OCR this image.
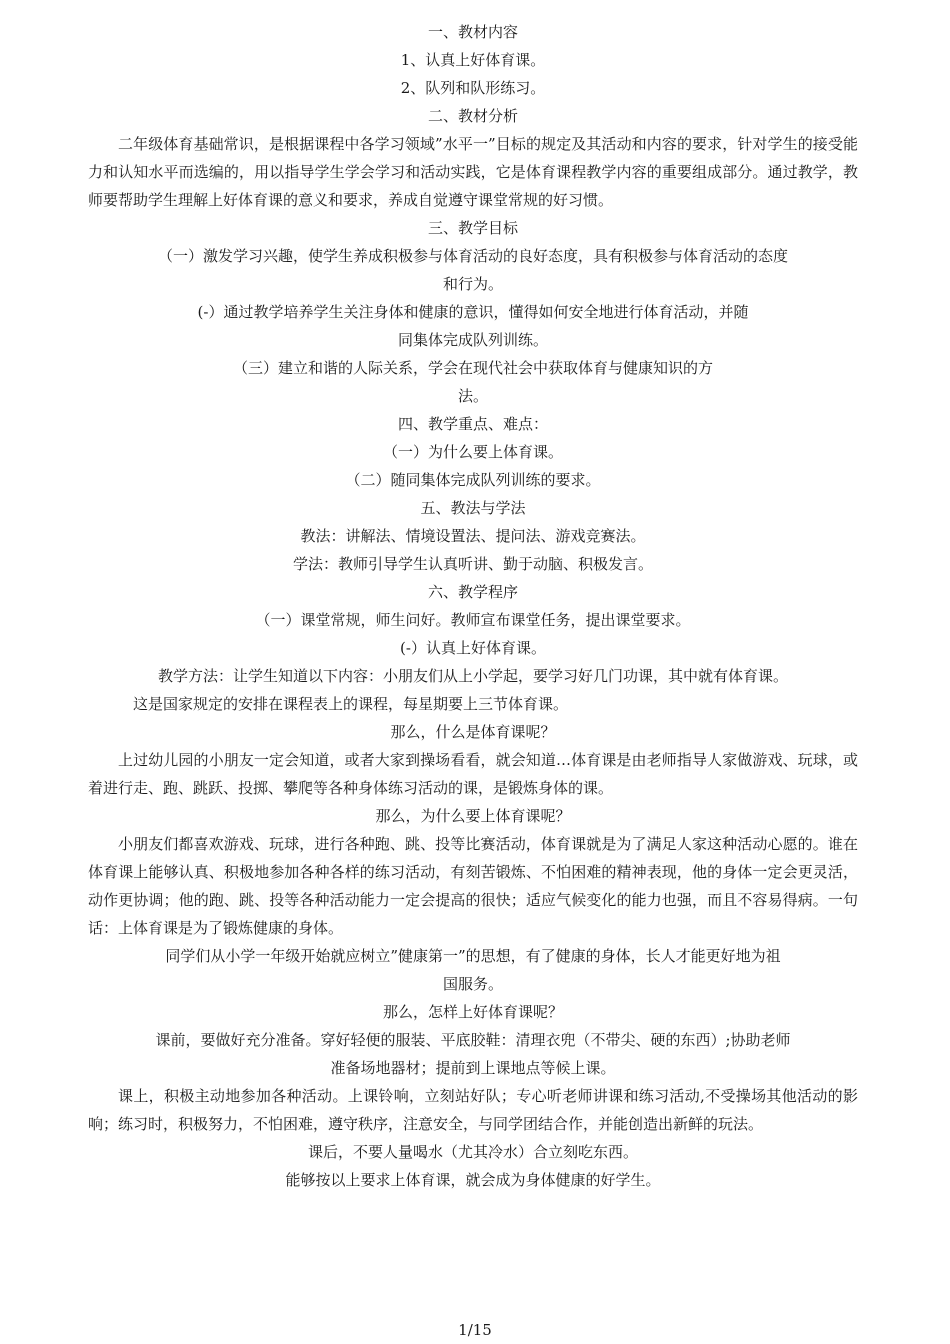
一、教材内容

1、认真上好体育课。

2、队列和队形练习。

二、教材分析

二年级体育基础常识，是根据课程中各学习领域”水平一”目标的规定及其活动和内容的要求，针对学生的接受能力和认知水平而选编的，用以指导学生学会学习和活动实践，它是体育课程教学内容的重要组成部分。通过教学，教师要帮助学生理解上好体育课的意义和要求，养成自觉遵守课堂常规的好习惯。

三、教学目标

（一）激发学习兴趣，使学生养成积极参与体育活动的良好态度，具有积极参与体育活动的态度

和行为。

(-）通过教学培养学生关注身体和健康的意识，懂得如何安全地进行体育活动，并随

同集体完成队列训练。

（三）建立和谐的人际关系，学会在现代社会中获取体育与健康知识的方

法。

四、教学重点、难点：

（一）为什么要上体育课。

（二）随同集体完成队列训练的要求。

五、教法与学法

教法：讲解法、情境设置法、提问法、游戏竞赛法。

学法：教师引导学生认真听讲、勤于动脑、积极发言。

六、教学程序

（一）课堂常规，师生问好。教师宣布课堂任务，提出课堂要求。

(-）认真上好体育课。

教学方法：让学生知道以下内容：小朋友们从上小学起，要学习好几门功课，其中就有体育课。

这是国家规定的安排在课程表上的课程，每星期要上三节体育课。

那么，什么是体育课呢？

上过幼儿园的小朋友一定会知道，或者大家到操场看看，就会知道…体育课是由老师指导人家做游戏、玩球，或着进行走、跑、跳跃、投掷、攀爬等各种身体练习活动的课，是锻炼身体的课。

那么，为什么要上体育课呢？

小朋友们都喜欢游戏、玩球，进行各种跑、跳、投等比赛活动，体育课就是为了满足人家这种活动心愿的。谁在体育课上能够认真、积极地参加各种各样的练习活动，有刻苦锻炼、不怕困难的精神表现，他的身体一定会更灵活，动作更协调；他的跑、跳、投等各种活动能力一定会提高的很快；适应气候变化的能力也强，而且不容易得病。一句话：上体育课是为了锻炼健康的身体。

同学们从小学一年级开始就应树立”健康第一”的思想，有了健康的身体，长人才能更好地为祖

国服务。

那么，怎样上好体育课呢？

课前，要做好充分准备。穿好轻便的服装、平底胶鞋：清理衣兜（不带尖、硬的东西）;协助老师

准备场地器材；提前到上课地点等候上课。

课上，积极主动地参加各种活动。上课铃响，立刻站好队；专心听老师讲课和练习活动,不受操场其他活动的影响；练习时，积极努力，不怕困难，遵守秩序，注意安全，与同学团结合作，并能创造出新鲜的玩法。

课后，不要人量喝水（尤其冷水）合立刻吃东西。

能够按以上要求上体育课，就会成为身体健康的好学生。

1/15
